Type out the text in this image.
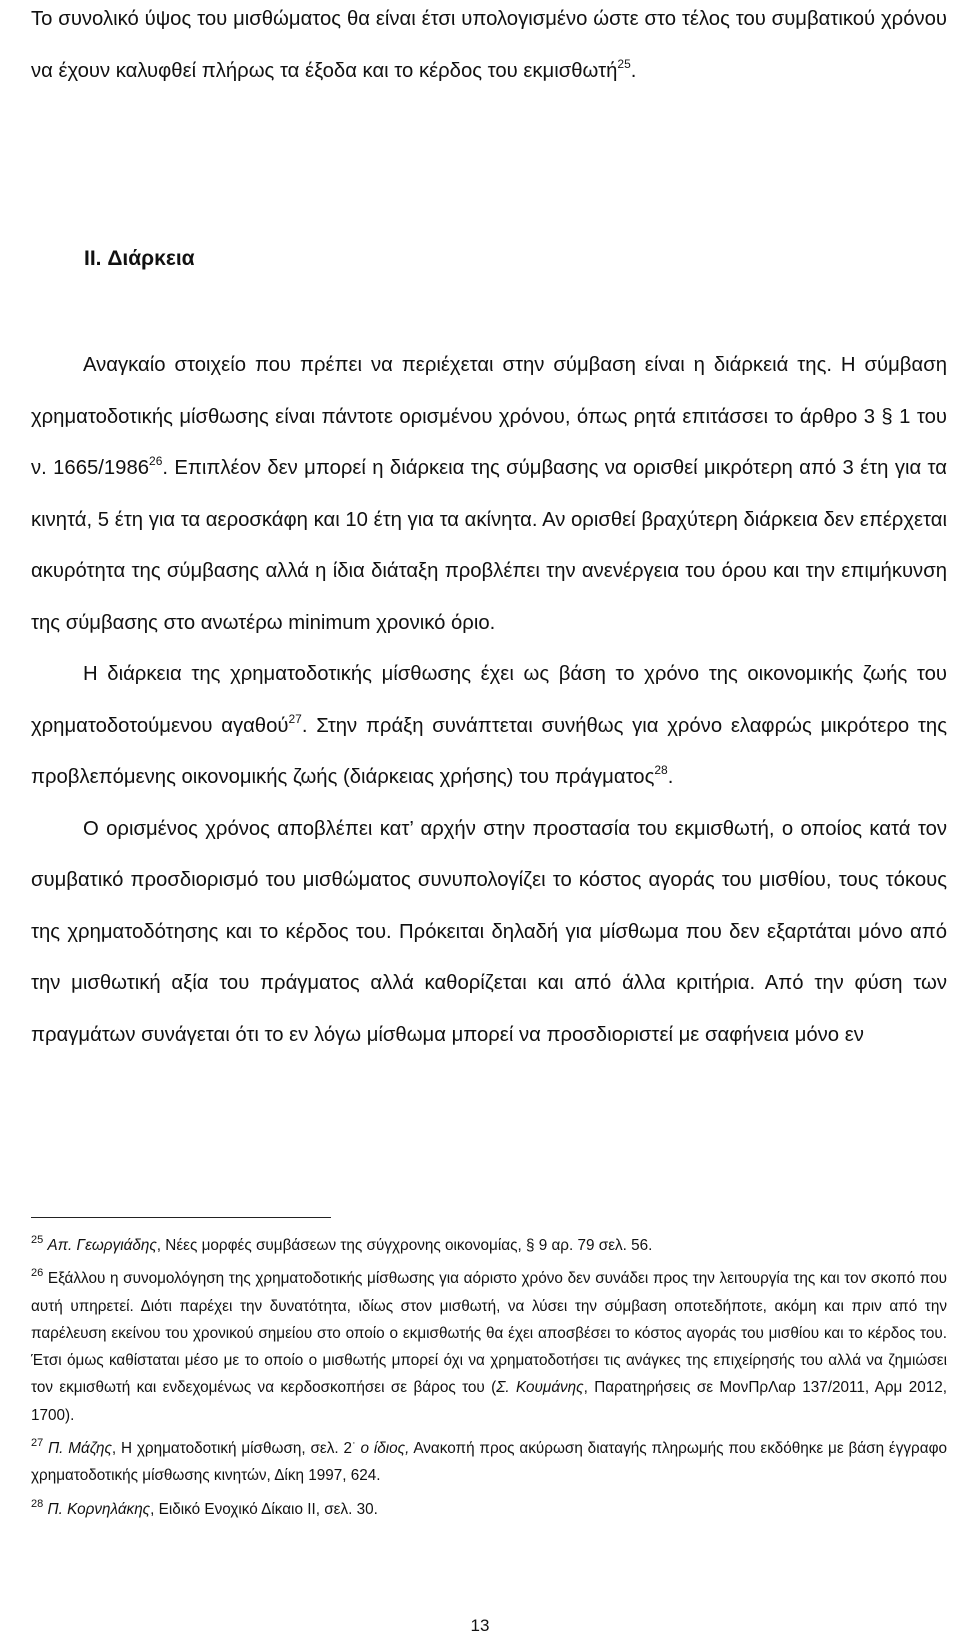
Το συνολικό ύψος του μισθώματος θα είναι έτσι υπολογισμένο ώστε στο τέλος του συμβατικού χρόνου να έχουν καλυφθεί πλήρως τα έξοδα και το κέρδος του εκμισθωτή$^{25}$.

II. Διάρκεια

Αναγκαίο στοιχείο που πρέπει να περιέχεται στην σύμβαση είναι η διάρκειά της. Η σύμβαση χρηματοδοτικής μίσθωσης είναι πάντοτε ορισμένου χρόνου, όπως ρητά επιτάσσει το άρθρο 3 § 1 του ν. 1665/1986$^{26}$. Επιπλέον δεν μπορεί η διάρκεια της σύμβασης να ορισθεί μικρότερη από 3 έτη για τα κινητά, 5 έτη για τα αεροσκάφη και 10 έτη για τα ακίνητα. Αν ορισθεί βραχύτερη διάρκεια δεν επέρχεται ακυρότητα της σύμβασης αλλά η ίδια διάταξη προβλέπει την ανενέργεια του όρου και την επιμήκυνση της σύμβασης στο ανωτέρω minimum χρονικό όριο.

Η διάρκεια της χρηματοδοτικής μίσθωσης έχει ως βάση το χρόνο της οικονομικής ζωής του χρηματοδοτούμενου αγαθού$^{27}$. Στην πράξη συνάπτεται συνήθως για χρόνο ελαφρώς μικρότερο της προβλεπόμενης οικονομικής ζωής (διάρκειας χρήσης) του πράγματος$^{28}$.

Ο ορισμένος χρόνος αποβλέπει κατ’ αρχήν στην προστασία του εκμισθωτή, ο οποίος κατά τον συμβατικό προσδιορισμό του μισθώματος συνυπολογίζει το κόστος αγοράς του μισθίου, τους τόκους της χρηματοδότησης και το κέρδος του. Πρόκειται δηλαδή για μίσθωμα που δεν εξαρτάται μόνο από την μισθωτική αξία του πράγματος αλλά καθορίζεται και από άλλα κριτήρια. Από την φύση των πραγμάτων συνάγεται ότι το εν λόγω μίσθωμα μπορεί να προσδιοριστεί με σαφήνεια μόνο εν

$^{25}$ Απ. Γεωργιάδης, Νέες μορφές συμβάσεων της σύγχρονης οικονομίας, § 9 αρ. 79 σελ. 56.

$^{26}$ Εξάλλου η συνομολόγηση της χρηματοδοτικής μίσθωσης για αόριστο χρόνο δεν συνάδει προς την λειτουργία της και τον σκοπό που αυτή υπηρετεί. Διότι παρέχει την δυνατότητα, ιδίως στον μισθωτή, να λύσει την σύμβαση οποτεδήποτε, ακόμη και πριν από την παρέλευση εκείνου του χρονικού σημείου στο οποίο ο εκμισθωτής θα έχει αποσβέσει το κόστος αγοράς του μισθίου και το κέρδος του. Έτσι όμως καθίσταται μέσο με το οποίο ο μισθωτής μπορεί όχι να χρηματοδοτήσει τις ανάγκες της επιχείρησής του αλλά να ζημιώσει τον εκμισθωτή και ενδεχομένως να κερδοσκοπήσει σε βάρος του (Σ. Κουμάνης, Παρατηρήσεις σε ΜονΠρΛαρ 137/2011, Αρμ 2012, 1700).

$^{27}$ Π. Μάζης, Η χρηματοδοτική μίσθωση, σελ. 2· ο ίδιος, Ανακοπή προς ακύρωση διαταγής πληρωμής που εκδόθηκε με βάση έγγραφο χρηματοδοτικής μίσθωσης κινητών, Δίκη 1997, 624.

$^{28}$ Π. Κορνηλάκης, Ειδικό Ενοχικό Δίκαιο ΙΙ, σελ. 30.

13
